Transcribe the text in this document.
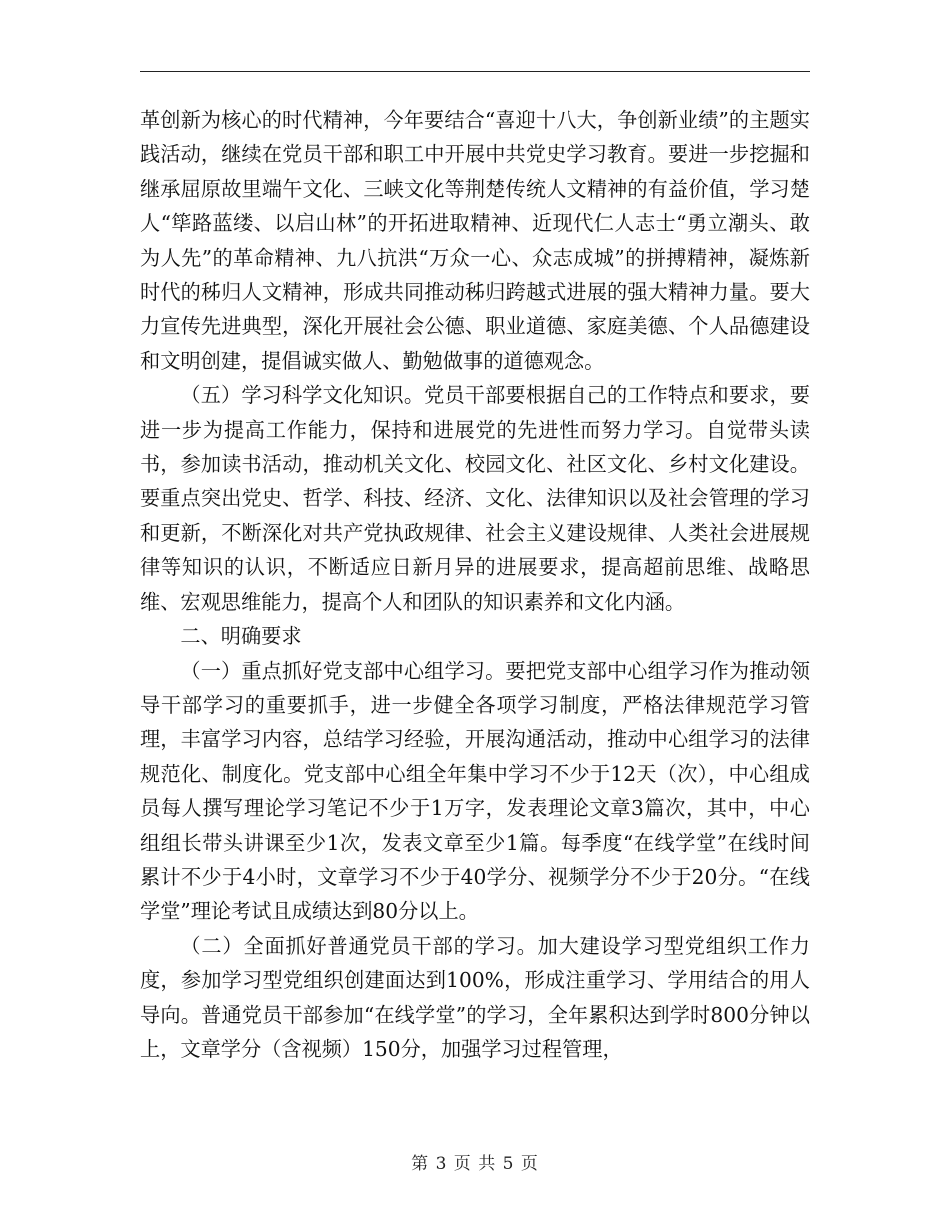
革创新为核心的时代精神，今年要结合“喜迎十八大，争创新业绩”的主题实践活动，继续在党员干部和职工中开展中共党史学习教育。要进一步挖掘和继承屈原故里端午文化、三峡文化等荆楚传统人文精神的有益价值，学习楚人“筚路蓝缕、以启山林”的开拓进取精神、近现代仁人志士“勇立潮头、敢为人先”的革命精神、九八抗洪“万众一心、众志成城”的拼搏精神，凝炼新时代的秭归人文精神，形成共同推动秭归跨越式进展的强大精神力量。要大力宣传先进典型，深化开展社会公德、职业道德、家庭美德、个人品德建设和文明创建，提倡诚实做人、勤勉做事的道德观念。

（五）学习科学文化知识。党员干部要根据自己的工作特点和要求，要进一步为提高工作能力，保持和进展党的先进性而努力学习。自觉带头读书，参加读书活动，推动机关文化、校园文化、社区文化、乡村文化建设。要重点突出党史、哲学、科技、经济、文化、法律知识以及社会管理的学习和更新，不断深化对共产党执政规律、社会主义建设规律、人类社会进展规律等知识的认识，不断适应日新月异的进展要求，提高超前思维、战略思维、宏观思维能力，提高个人和团队的知识素养和文化内涵。

二、明确要求

（一）重点抓好党支部中心组学习。要把党支部中心组学习作为推动领导干部学习的重要抓手，进一步健全各项学习制度，严格法律规范学习管理，丰富学习内容，总结学习经验，开展沟通活动，推动中心组学习的法律规范化、制度化。党支部中心组全年集中学习不少于12天（次），中心组成员每人撰写理论学习笔记不少于1万字，发表理论文章3篇次，其中，中心组组长带头讲课至少1次，发表文章至少1篇。每季度“在线学堂”在线时间累计不少于4小时，文章学习不少于40学分、视频学分不少于20分。“在线学堂”理论考试且成绩达到80分以上。

（二）全面抓好普通党员干部的学习。加大建设学习型党组织工作力度，参加学习型党组织创建面达到100%，形成注重学习、学用结合的用人导向。普通党员干部参加“在线学堂”的学习，全年累积达到学时800分钟以上，文章学分（含视频）150分，加强学习过程管理，

第 3 页 共 5 页
